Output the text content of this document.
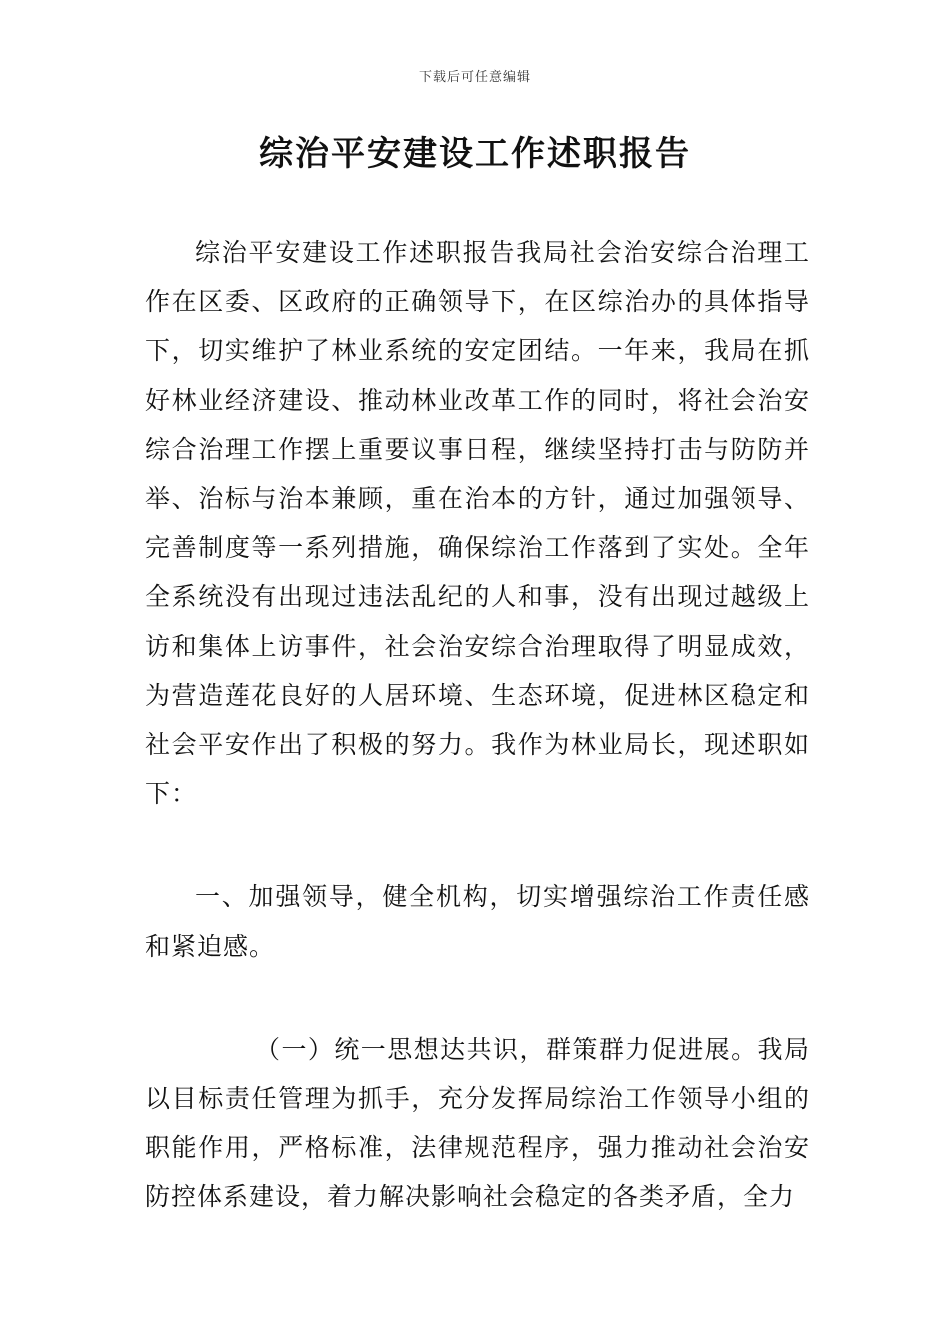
下载后可任意编辑
综治平安建设工作述职报告

综治平安建设工作述职报告我局社会治安综合治理工作在区委、区政府的正确领导下，在区综治办的具体指导下，切实维护了林业系统的安定团结。一年来，我局在抓好林业经济建设、推动林业改革工作的同时，将社会治安综合治理工作摆上重要议事日程，继续坚持打击与防防并举、治标与治本兼顾，重在治本的方针，通过加强领导、完善制度等一系列措施，确保综治工作落到了实处。全年全系统没有出现过违法乱纪的人和事，没有出现过越级上访和集体上访事件，社会治安综合治理取得了明显成效，为营造莲花良好的人居环境、生态环境，促进林区稳定和社会平安作出了积极的努力。我作为林业局长，现述职如下：

一、加强领导，健全机构，切实增强综治工作责任感和紧迫感。

（一）统一思想达共识，群策群力促进展。我局以目标责任管理为抓手，充分发挥局综治工作领导小组的职能作用，严格标准，法律规范程序，强力推动社会治安防控体系建设，着力解决影响社会稳定的各类矛盾，全力
